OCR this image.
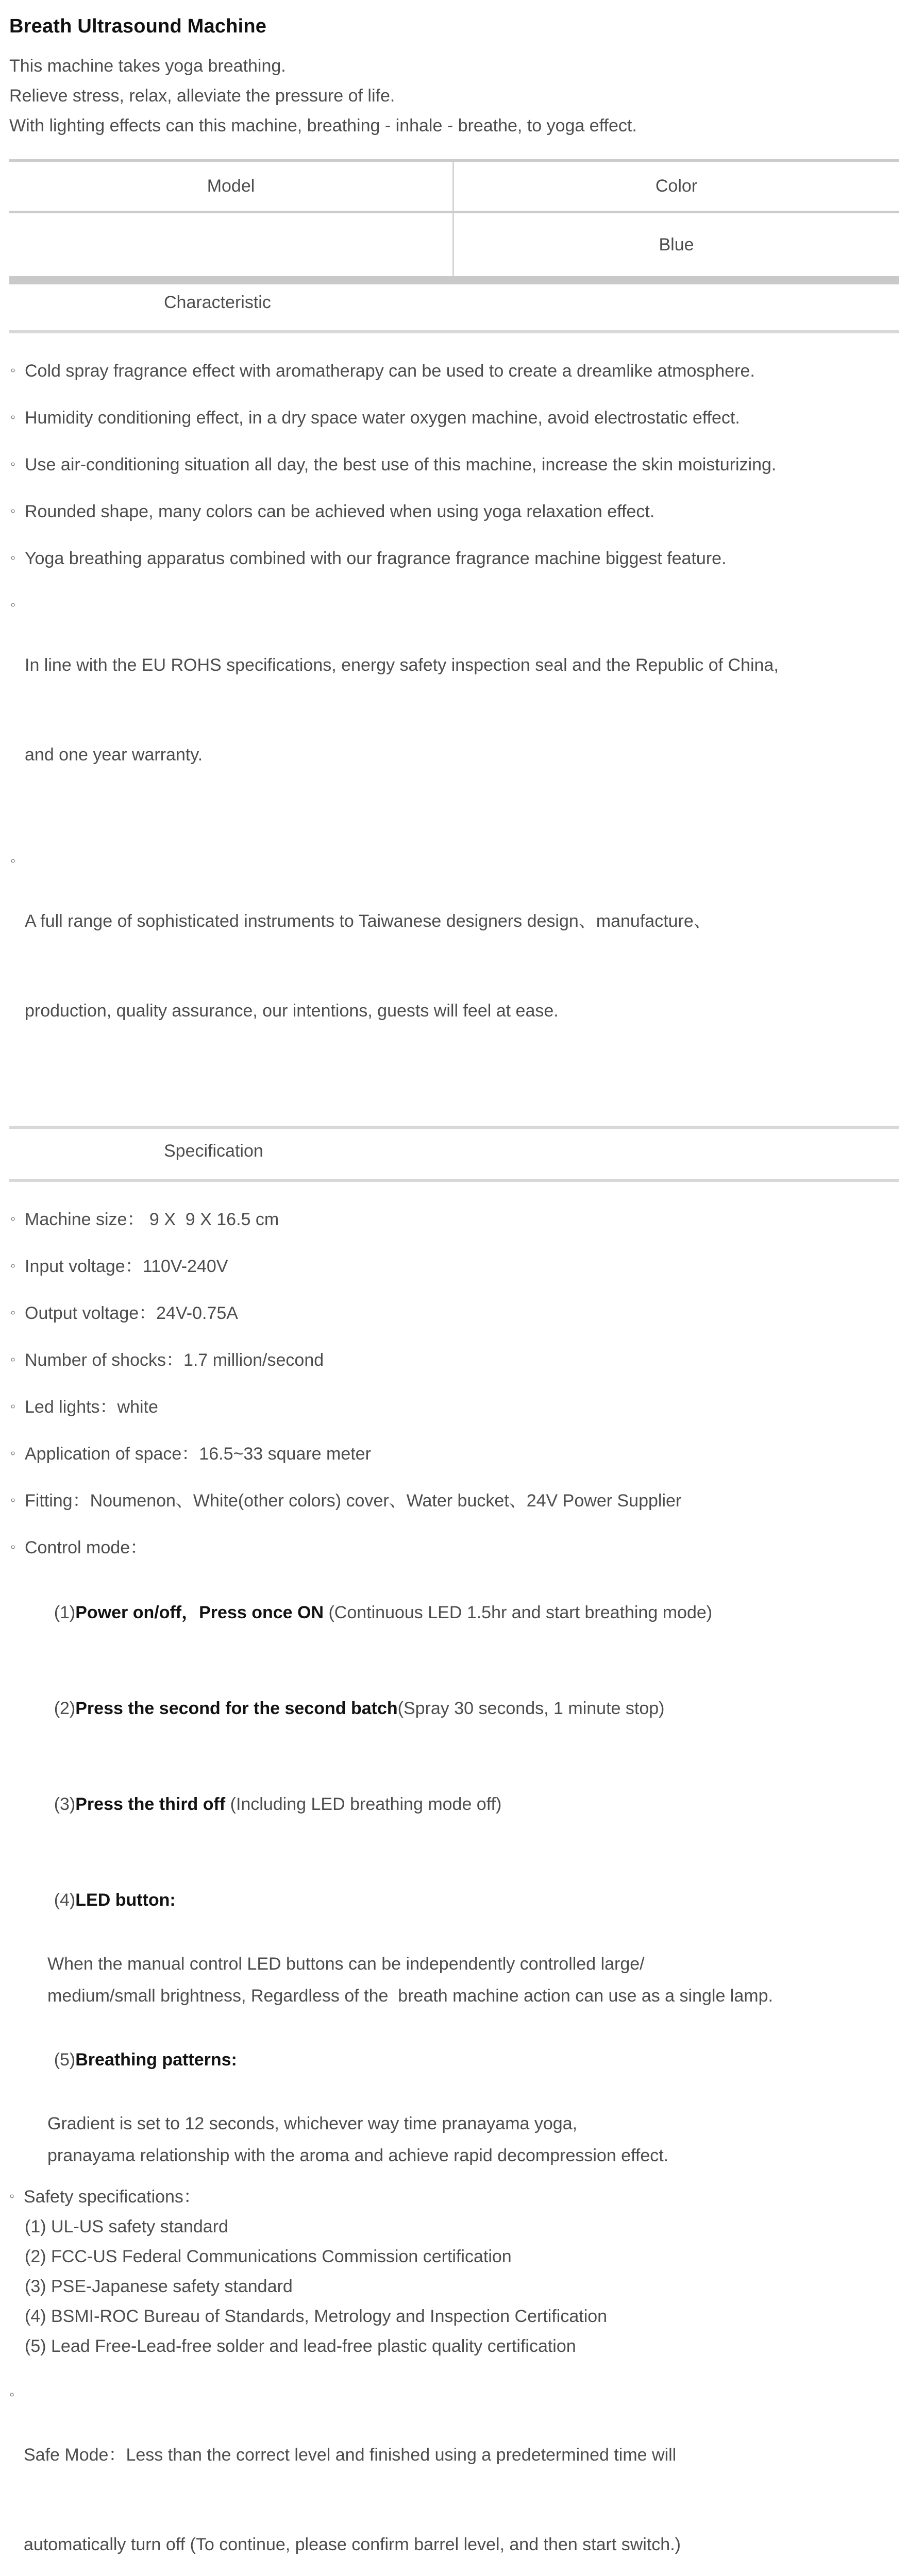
Breath Ultrasound Machine
This machine takes yoga breathing.
Relieve stress, relax, alleviate the pressure of life.
With lighting effects can this machine, breathing - inhale - breathe, to yoga effect.
Model	Color
Blue
Characteristic
◦ Cold spray fragrance effect with aromatherapy can be used to create a dreamlike atmosphere.
◦ Humidity conditioning effect, in a dry space water oxygen machine, avoid electrostatic effect.
◦ Use air-conditioning situation all day, the best use of this machine, increase the skin moisturizing.
◦ Rounded shape, many colors can be achieved when using yoga relaxation effect.
◦ Yoga breathing apparatus combined with our fragrance fragrance machine biggest feature.
◦

In line with the EU ROHS specifications, energy safety inspection seal and the Republic of China,

and one year warranty.

◦

A full range of sophisticated instruments to Taiwanese designers design、manufacture、

production, quality assurance, our intentions, guests will feel at ease.

Specification
◦ Machine size： 9 X  9 X 16.5 cm
◦ Input voltage：110V-240V
◦ Output voltage：24V-0.75A
◦ Number of shocks：1.7 million/second
◦ Led lights：white
◦ Application of space：16.5~33 square meter
◦ Fitting：Noumenon、White(other colors) cover、Water bucket、24V Power Supplier
◦ Control mode：

(1)Power on/off，Press once ON (Continuous LED 1.5hr and start breathing mode)

(2)Press the second for the second batch(Spray 30 seconds, 1 minute stop)

(3)Press the third off (Including LED breathing mode off)

(4)LED button:

When the manual control LED buttons can be independently controlled large/
medium/small brightness, Regardless of the  breath machine action can use as a single lamp.

(5)Breathing patterns:

Gradient is set to 12 seconds, whichever way time pranayama yoga,
pranayama relationship with the aroma and achieve rapid decompression effect.
◦ Safety specifications：
(1) UL-US safety standard
(2) FCC-US Federal Communications Commission certification
(3) PSE-Japanese safety standard
(4) BSMI-ROC Bureau of Standards, Metrology and Inspection Certification
(5) Lead Free-Lead-free solder and lead-free plastic quality certification
◦

Safe Mode：Less than the correct level and finished using a predetermined time will

automatically turn off (To continue, please confirm barrel level, and then start switch.)
